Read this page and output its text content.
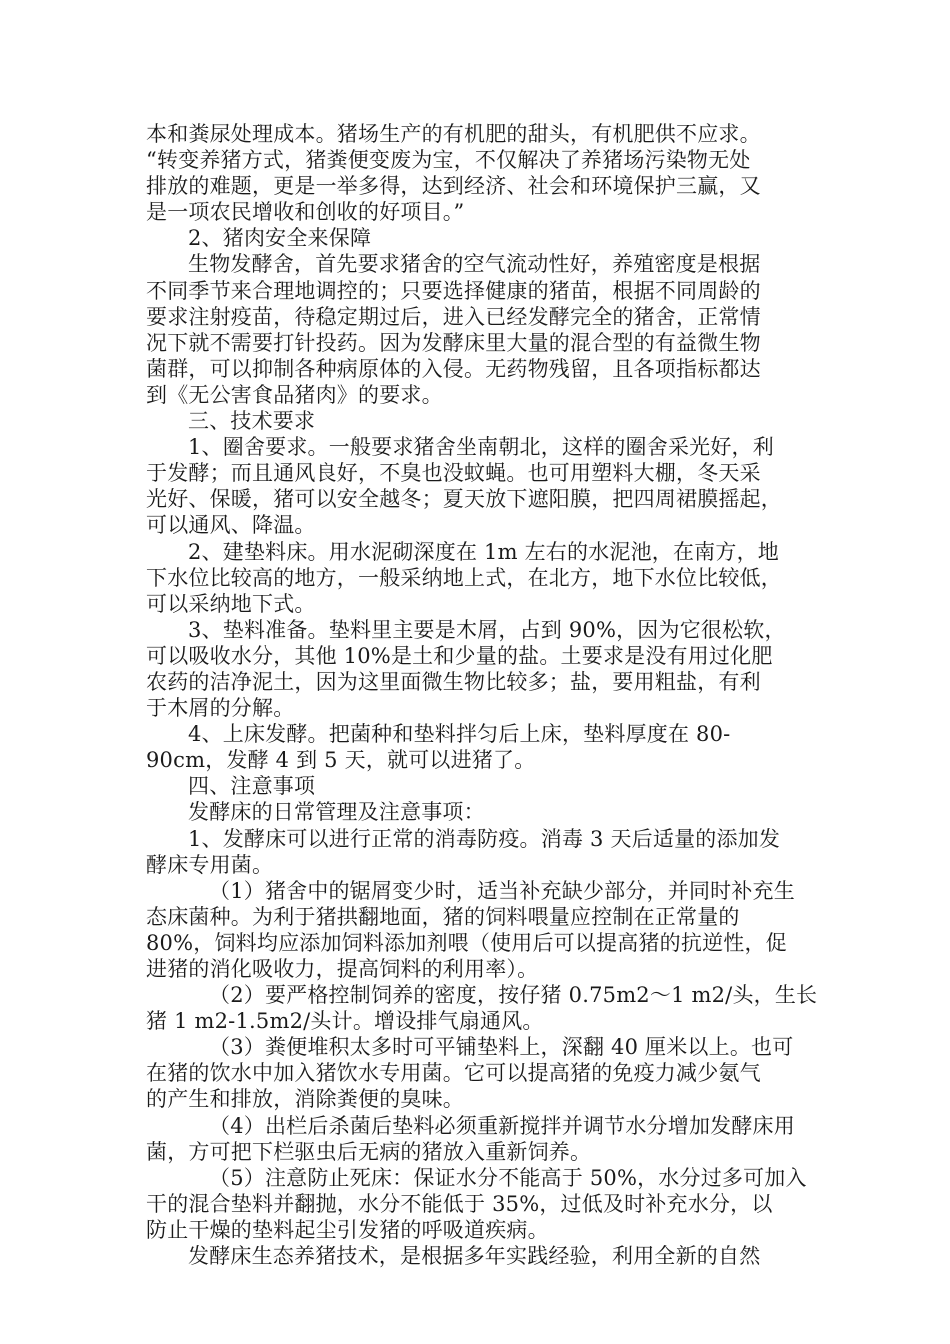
本和粪尿处理成本。猪场生产的有机肥的甜头，有机肥供不应求。
“转变养猪方式，猪粪便变废为宝，不仅解决了养猪场污染物无处
排放的难题，更是一举多得，达到经济、社会和环境保护三赢，又
是一项农民增收和创收的好项目。”
2、猪肉安全来保障
生物发酵舍，首先要求猪舍的空气流动性好，养殖密度是根据
不同季节来合理地调控的；只要选择健康的猪苗，根据不同周龄的
要求注射疫苗，待稳定期过后，进入已经发酵完全的猪舍，正常情
况下就不需要打针投药。因为发酵床里大量的混合型的有益微生物
菌群，可以抑制各种病原体的入侵。无药物残留，且各项指标都达
到《无公害食品猪肉》的要求。
三、技术要求
1、圈舍要求。一般要求猪舍坐南朝北，这样的圈舍采光好，利
于发酵；而且通风良好，不臭也没蚊蝇。也可用塑料大棚，冬天采
光好、保暖，猪可以安全越冬；夏天放下遮阳膜，把四周裙膜摇起，
可以通风、降温。
2、建垫料床。用水泥砌深度在 1m 左右的水泥池，在南方，地
下水位比较高的地方，一般采纳地上式，在北方，地下水位比较低，
可以采纳地下式。
3、垫料准备。垫料里主要是木屑，占到 90%，因为它很松软，
可以吸收水分，其他 10%是土和少量的盐。土要求是没有用过化肥
农药的洁净泥土，因为这里面微生物比较多；盐，要用粗盐，有利
于木屑的分解。
4、上床发酵。把菌种和垫料拌匀后上床，垫料厚度在 80-
90cm，发酵 4 到 5 天，就可以进猪了。
四、注意事项
发酵床的日常管理及注意事项：
1、发酵床可以进行正常的消毒防疫。消毒 3 天后适量的添加发
酵床专用菌。
（1）猪舍中的锯屑变少时，适当补充缺少部分，并同时补充生
态床菌种。为利于猪拱翻地面，猪的饲料喂量应控制在正常量的
80%，饲料均应添加饲料添加剂喂（使用后可以提高猪的抗逆性，促
进猪的消化吸收力，提高饲料的利用率）。
（2）要严格控制饲养的密度，按仔猪 0.75m2～1 m2/头，生长
猪 1 m2-1.5m2/头计。增设排气扇通风。
（3）粪便堆积太多时可平铺垫料上，深翻 40 厘米以上。也可
在猪的饮水中加入猪饮水专用菌。它可以提高猪的免疫力减少氨气
的产生和排放，消除粪便的臭味。
（4）出栏后杀菌后垫料必须重新搅拌并调节水分增加发酵床用
菌，方可把下栏驱虫后无病的猪放入重新饲养。
（5）注意防止死床：保证水分不能高于 50%，水分过多可加入
干的混合垫料并翻抛，水分不能低于 35%，过低及时补充水分，以
防止干燥的垫料起尘引发猪的呼吸道疾病。
发酵床生态养猪技术，是根据多年实践经验，利用全新的自然
